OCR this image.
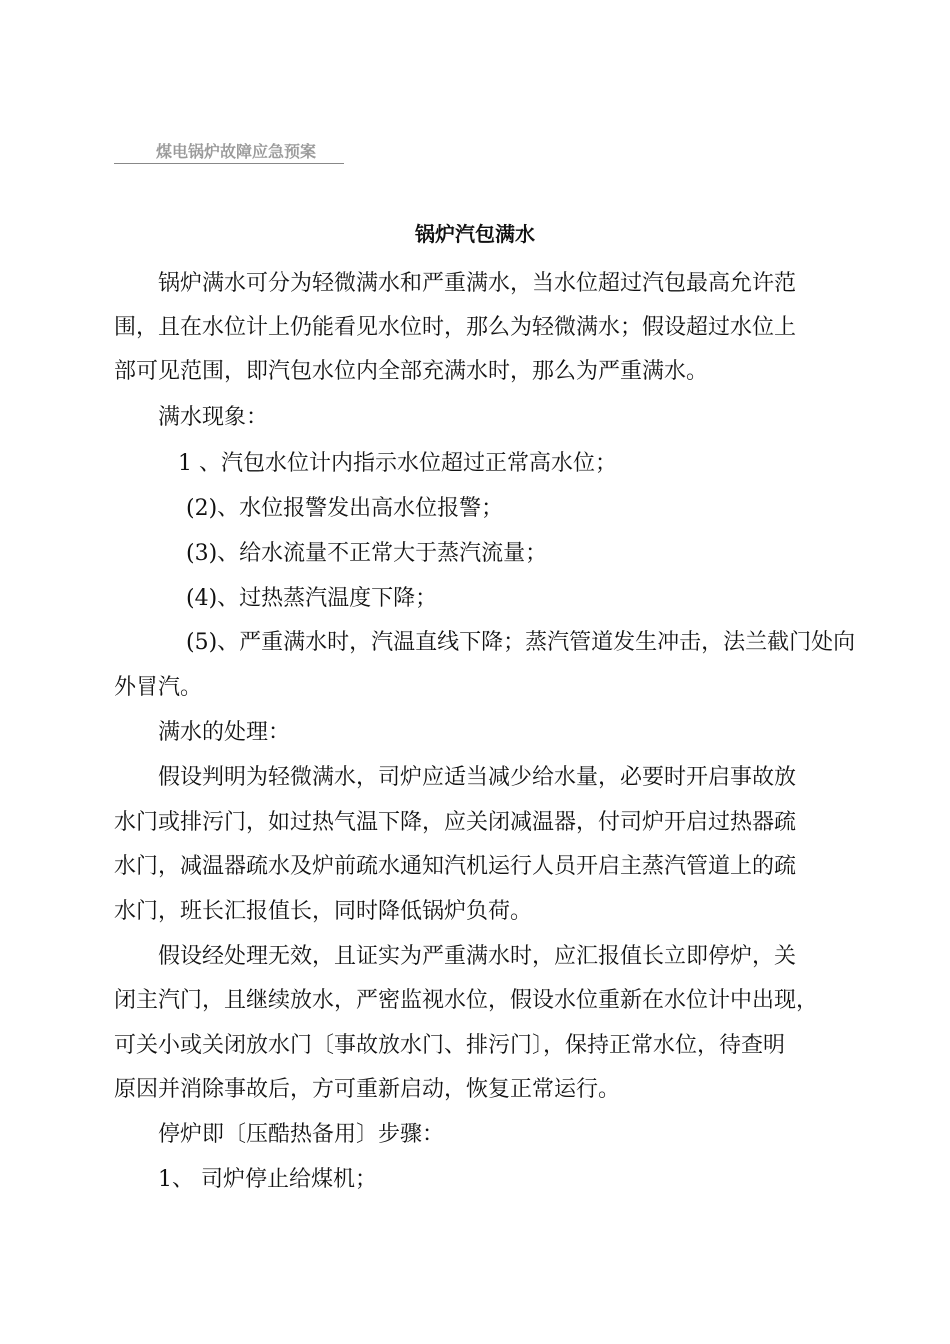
煤电锅炉故障应急预案
锅炉汽包满水
锅炉满水可分为轻微满水和严重满水，当水位超过汽包最高允许范
围，且在水位计上仍能看见水位时，那么为轻微满水；假设超过水位上
部可见范围，即汽包水位内全部充满水时，那么为严重满水。
满水现象：
1 、汽包水位计内指示水位超过正常高水位；
(2)、水位报警发出高水位报警；
(3)、给水流量不正常大于蒸汽流量；
(4)、过热蒸汽温度下降；
(5)、严重满水时，汽温直线下降；蒸汽管道发生冲击，法兰截门处向
外冒汽。
满水的处理：
假设判明为轻微满水，司炉应适当减少给水量，必要时开启事故放
水门或排污门，如过热气温下降，应关闭减温器，付司炉开启过热器疏
水门，减温器疏水及炉前疏水通知汽机运行人员开启主蒸汽管道上的疏
水门，班长汇报值长，同时降低锅炉负荷。
假设经处理无效，且证实为严重满水时，应汇报值长立即停炉，关
闭主汽门，且继续放水，严密监视水位，假设水位重新在水位计中出现，
可关小或关闭放水门〔事故放水门、排污门〕，保持正常水位，待查明
原因并消除事故后，方可重新启动，恢复正常运行。
停炉即〔压酷热备用〕步骤：
1、 司炉停止给煤机；
